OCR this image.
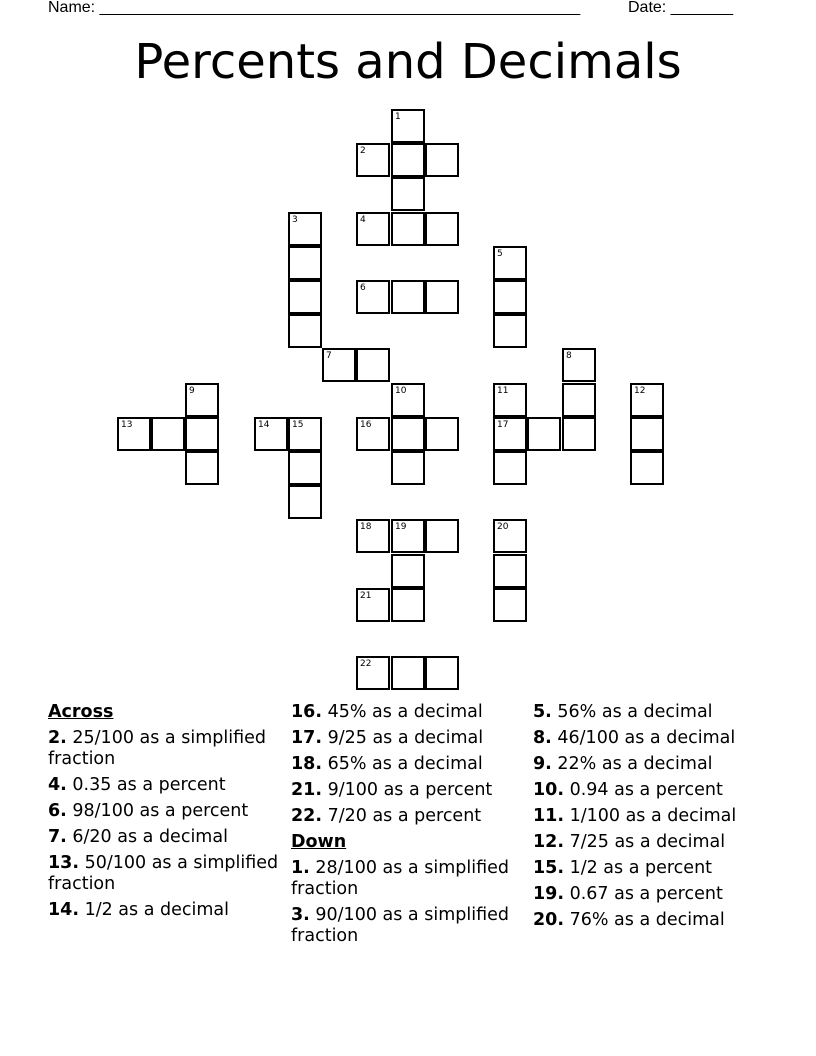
Name: ______________________________________________________	Date: _______
Percents and Decimals
1
2
3	4
5
6
7	8
9	10	11	12
13	14	15	16	17
18	19	20
21
22
Across
2. 25/100 as a simplified fraction
4. 0.35 as a percent
6. 98/100 as a percent
7. 6/20 as a decimal
13. 50/100 as a simplified fraction
14. 1/2 as a decimal
16. 45% as a decimal
17. 9/25 as a decimal
18. 65% as a decimal
21. 9/100 as a percent
22. 7/20 as a percent
Down
1. 28/100 as a simplified fraction
3. 90/100 as a simplified fraction
5. 56% as a decimal
8. 46/100 as a decimal
9. 22% as a decimal
10. 0.94 as a percent
11. 1/100 as a decimal
12. 7/25 as a decimal
15. 1/2 as a percent
19. 0.67 as a percent
20. 76% as a decimal
